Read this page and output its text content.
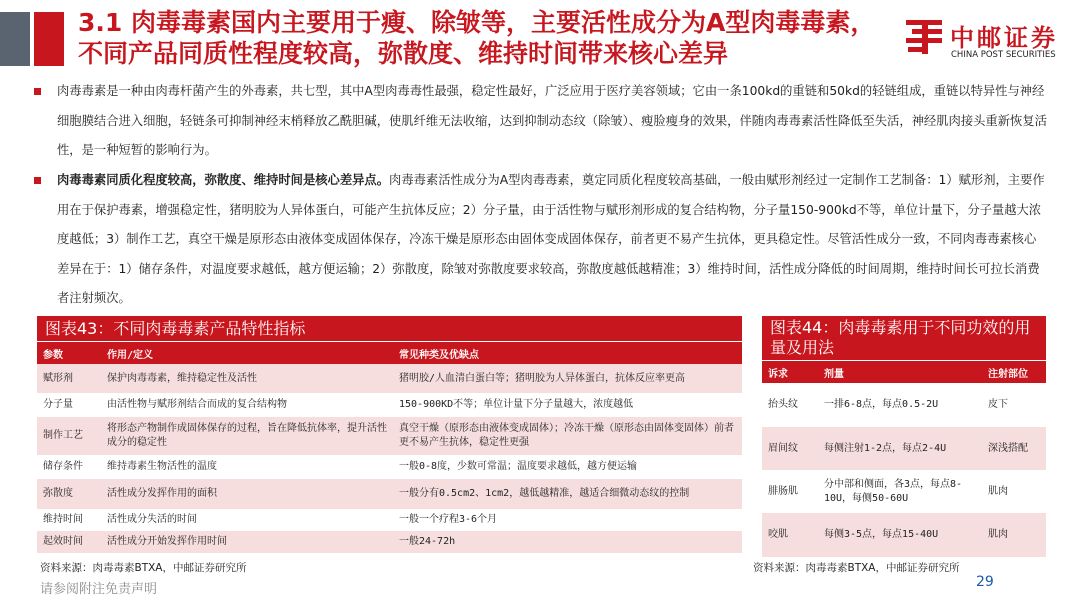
3.1 肉毒毒素国内主要用于瘦、除皱等，主要活性成分为A型肉毒毒素，不同产品同质性程度较高，弥散度、维持时间带来核心差异
中邮证券
CHINA POST SECURITIES
肉毒毒素是一种由肉毒杆菌产生的外毒素，共七型，其中A型肉毒毒性最强，稳定性最好，广泛应用于医疗美容领域；它由一条100kd的重链和50kd的轻链组成，重链以特异性与神经细胞膜结合进入细胞，轻链条可抑制神经末梢释放乙酰胆碱，使肌纤维无法收缩，达到抑制动态纹（除皱）、瘦脸瘦身的效果，伴随肉毒毒素活性降低至失活，神经肌肉接头重新恢复活性，是一种短暂的影响行为。
肉毒毒素同质化程度较高，弥散度、维持时间是核心差异点。肉毒毒素活性成分为A型肉毒毒素，奠定同质化程度较高基础，一般由赋形剂经过一定制作工艺制备：1）赋形剂，主要作用在于保护毒素，增强稳定性，猪明胶为人异体蛋白，可能产生抗体反应；2）分子量，由于活性物与赋形剂形成的复合结构物，分子量150-900kd不等，单位计量下，分子量越大浓度越低；3）制作工艺，真空干燥是原形态由液体变成固体保存，冷冻干燥是原形态由固体变成固体保存，前者更不易产生抗体，更具稳定性。尽管活性成分一致，不同肉毒毒素核心差异在于：1）储存条件，对温度要求越低，越方便运输；2）弥散度，除皱对弥散度要求较高，弥散度越低越精准；3）维持时间，活性成分降低的时间周期，维持时间长可拉长消费者注射频次。
图表43：不同肉毒毒素产品特性指标
参数	作用/定义	常见种类及优缺点
赋形剂	保护肉毒毒素，维持稳定性及活性	猪明胶/人血清白蛋白等；猪明胶为人异体蛋白，抗体反应率更高
分子量	由活性物与赋形剂结合而成的复合结构物	150-900KD不等；单位计量下分子量越大，浓度越低
制作工艺	将形态产物制作成固体保存的过程，旨在降低抗体率，提升活性成分的稳定性	真空干燥（原形态由液体变成固体）；冷冻干燥（原形态由固体变固体）前者更不易产生抗体，稳定性更强
储存条件	维持毒素生物活性的温度	一般0-8度，少数可常温；温度要求越低，越方便运输
弥散度	活性成分发挥作用的面积	一般分有0.5cm2、1cm2，越低越精准，越适合细微动态纹的控制
维持时间	活性成分失活的时间	一般一个疗程3-6个月
起效时间	活性成分开始发挥作用时间	一般24-72h
图表44：肉毒毒素用于不同功效的用量及用法
诉求	剂量	注射部位
抬头纹	一排6-8点，每点0.5-2U	皮下
眉间纹	每侧注射1-2点，每点2-4U	深浅搭配
腓肠肌	分中部和侧面，各3点，每点8-10U，每侧50-60U	肌肉
咬肌	每侧3-5点，每点15-40U	肌肉
资料来源：肉毒毒素BTXA，中邮证券研究所	资料来源：肉毒毒素BTXA，中邮证券研究所
请参阅附注免责声明	29
